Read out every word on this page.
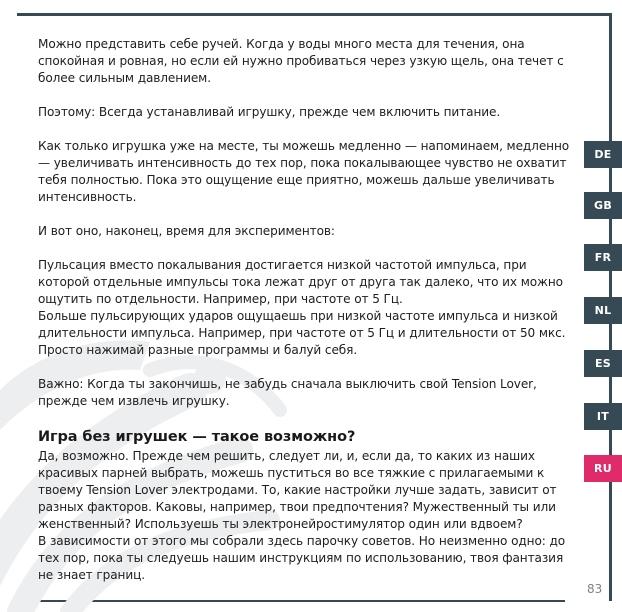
Можно представить себе ручей. Когда у воды много места для течения, она спокойная и ровная, но если ей нужно пробиваться через узкую щель, она течет с более сильным давлением.

Поэтому: Всегда устанавливай игрушку, прежде чем включить питание.

Как только игрушка уже на месте, ты можешь медленно — напоминаем, медленно — увеличивать интенсивность до тех пор, пока покалывающее чувство не охватит тебя полностью. Пока это ощущение еще приятно, можешь дальше увеличивать интенсивность.

И вот оно, наконец, время для экспериментов:

Пульсация вместо покалывания достигается низкой частотой импульса, при которой отдельные импульсы тока лежат друг от друга так далеко, что их можно ощутить по отдельности. Например, при частоте от 5 Гц.

Больше пульсирующих ударов ощущаешь при низкой частоте импульса и низкой длительности импульса. Например, при частоте от 5 Гц и длительности от 50 мкс. Просто нажимай разные программы и балуй себя.

Важно: Когда ты закончишь, не забудь сначала выключить свой Tension Lover, прежде чем извлечь игрушку.

Игра без игрушек — такое возможно?

Да, возможно. Прежде чем решить, следует ли, и, если да, то каких из наших красивых парней выбрать, можешь пуститься во все тяжкие с прилагаемыми к твоему Tension Lover электродами. То, какие настройки лучше задать, зависит от разных факторов. Каковы, например, твои предпочтения? Мужественный ты или женственный? Используешь ты электронейростимулятор один или вдвоем?

В зависимости от этого мы собрали здесь парочку советов. Но неизменно одно: до тех пор, пока ты следуешь нашим инструкциям по использованию, твоя фантазия не знает границ.

DE
GB
FR
NL
ES
IT
RU
83
